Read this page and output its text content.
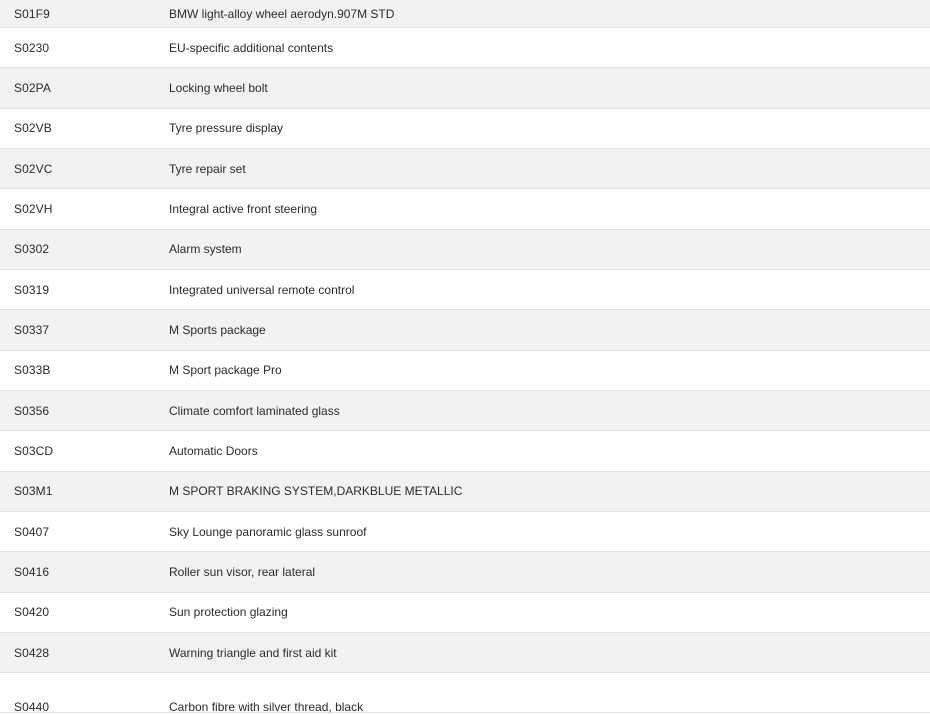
S01F9	BMW light-alloy wheel aerodyn.907M STD
S0230	EU-specific additional contents
S02PA	Locking wheel bolt
S02VB	Tyre pressure display
S02VC	Tyre repair set
S02VH	Integral active front steering
S0302	Alarm system
S0319	Integrated universal remote control
S0337	M Sports package
S033B	M Sport package Pro
S0356	Climate comfort laminated glass
S03CD	Automatic Doors
S03M1	M SPORT BRAKING SYSTEM,DARKBLUE METALLIC
S0407	Sky Lounge panoramic glass sunroof
S0416	Roller sun visor, rear lateral
S0420	Sun protection glazing
S0428	Warning triangle and first aid kit
S0440	Carbon fibre with silver thread, black
